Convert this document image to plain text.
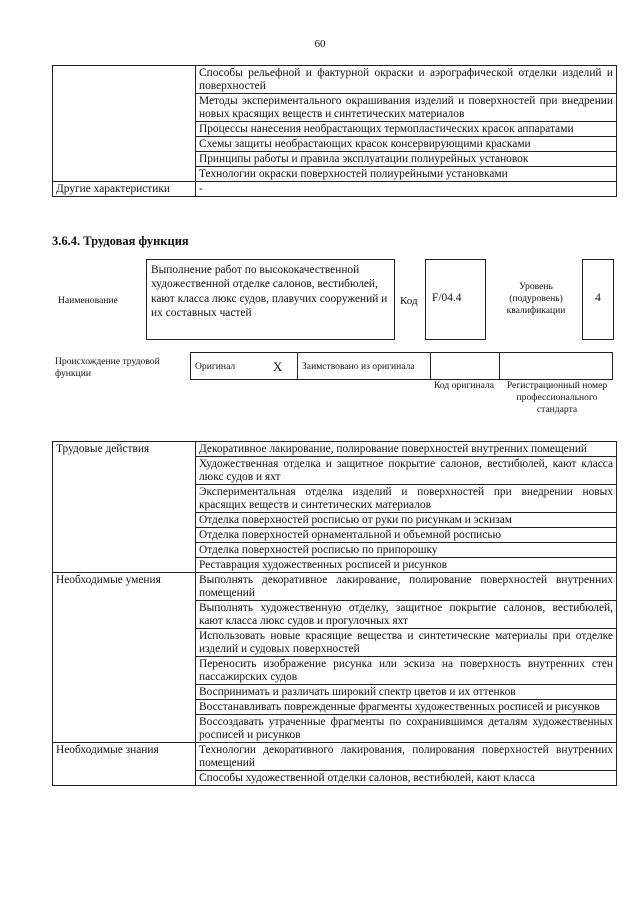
60
	Способы рельефной и фактурной окраски и аэрографической отделки изделий и поверхностей
	Методы экспериментального окрашивания изделий и поверхностей при внедрении новых красящих веществ и синтетических материалов
	Процессы нанесения необрастающих термопластических красок аппаратами
	Схемы защиты необрастающих красок консервирующими красками
	Принципы работы и правила эксплуатации полиурейных установок
	Технологии окраски поверхностей полиурейными установками
Другие характеристики	-
3.6.4. Трудовая функция
Наименование
Выполнение работ по высококачественной художественной отделке салонов, вестибюлей, кают класса люкс судов, плавучих сооружений и их составных частей
Код	F/04.4
Уровень (подуровень) квалификации
4
Происхождение трудовой функции
Оригинал	X	Заимствовано из оригинала		
Код оригинала	Регистрационный номер профессионального стандарта
Трудовые действия	Декоративное лакирование, полирование поверхностей внутренних помещений
	Художественная отделка и защитное покрытие салонов, вестибюлей, кают класса люкс судов и яхт
	Экспериментальная отделка изделий и поверхностей при внедрении новых красящих веществ и синтетических материалов
	Отделка поверхностей росписью от руки по рисункам и эскизам
	Отделка поверхностей орнаментальной и объемной росписью
	Отделка поверхностей росписью по припорошку
	Реставрация художественных росписей и рисунков
Необходимые умения	Выполнять декоративное лакирование, полирование поверхностей внутренних помещений
	Выполнять художественную отделку, защитное покрытие салонов, вестибюлей, кают класса люкс судов и прогулочных яхт
	Использовать новые красящие вещества и синтетические материалы при отделке изделий и судовых поверхностей
	Переносить изображение рисунка или эскиза на поверхность внутренних стен пассажирских судов
	Воспринимать и различать широкий спектр цветов и их оттенков
	Восстанавливать поврежденные фрагменты художественных росписей и рисунков
	Воссоздавать утраченные фрагменты по сохранившимся деталям художественных росписей и рисунков
Необходимые знания	Технологии декоративного лакирования, полирования поверхностей внутренних помещений
	Способы художественной отделки салонов, вестибюлей, кают класса
